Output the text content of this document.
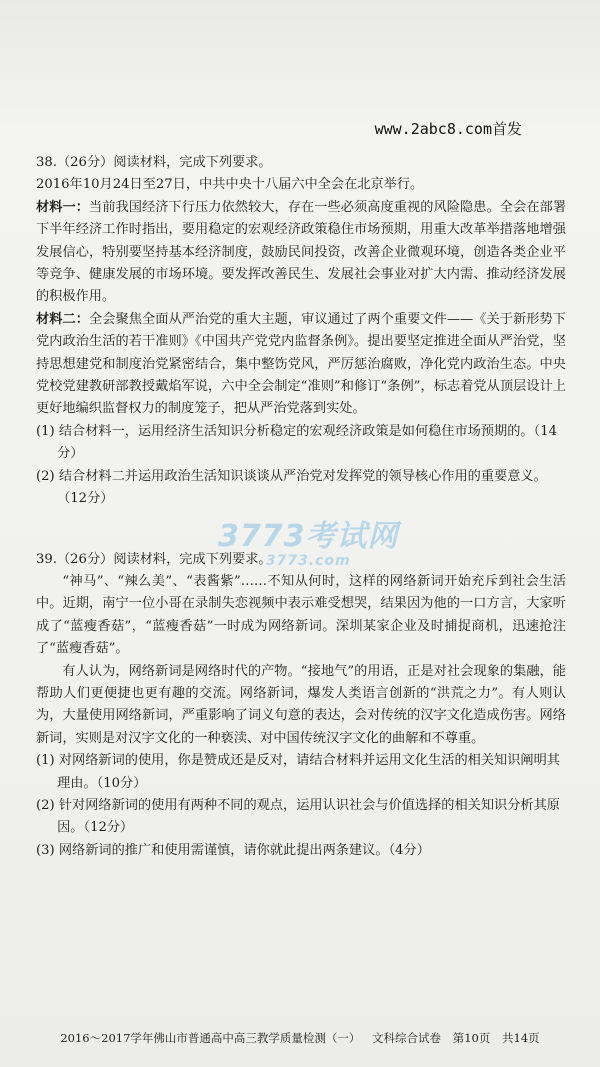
www.2abc8.com首发
3773考试网
3773.com

38.（26分）阅读材料，完成下列要求。

2016年10月24日至27日，中共中央十八届六中全会在北京举行。

材料一：当前我国经济下行压力依然较大，存在一些必须高度重视的风险隐患。全会在部署下半年经济工作时指出，要用稳定的宏观经济政策稳住市场预期，用重大改革举措落地增强发展信心，特别要坚持基本经济制度，鼓励民间投资，改善企业微观环境，创造各类企业平等竞争、健康发展的市场环境。要发挥改善民生、发展社会事业对扩大内需、推动经济发展的积极作用。

材料二：全会聚焦全面从严治党的重大主题，审议通过了两个重要文件——《关于新形势下党内政治生活的若干准则》《中国共产党党内监督条例》。提出要坚定推进全面从严治党，坚持思想建党和制度治党紧密结合，集中整饬党风，严厉惩治腐败，净化党内政治生态。中央党校党建教研部教授戴焰军说，六中全会制定“准则”和修订“条例”，标志着党从顶层设计上更好地编织监督权力的制度笼子，把从严治党落到实处。

(1) 结合材料一，运用经济生活知识分析稳定的宏观经济政策是如何稳住市场预期的。（14分）

(2) 结合材料二并运用政治生活知识谈谈从严治党对发挥党的领导核心作用的重要意义。（12分）

39.（26分）阅读材料，完成下列要求。

“神马”、“辣么美”、“表酱紫”……不知从何时，这样的网络新词开始充斥到社会生活中。近期，南宁一位小哥在录制失恋视频中表示难受想哭，结果因为他的一口方言，大家听成了“蓝瘦香菇”，“蓝瘦香菇”一时成为网络新词。深圳某家企业及时捕捉商机，迅速抢注了“蓝瘦香菇”。

有人认为，网络新词是网络时代的产物。“接地气”的用语，正是对社会现象的集融，能帮助人们更便捷也更有趣的交流。网络新词，爆发人类语言创新的“洪荒之力”。有人则认为，大量使用网络新词，严重影响了词义句意的表达，会对传统的汉字文化造成伤害。网络新词，实则是对汉字文化的一种亵渎、对中国传统汉字文化的曲解和不尊重。

(1) 对网络新词的使用，你是赞成还是反对，请结合材料并运用文化生活的相关知识阐明其理由。（10分）

(2) 针对网络新词的使用有两种不同的观点，运用认识社会与价值选择的相关知识分析其原因。（12分）

(3) 网络新词的推广和使用需谨慎，请你就此提出两条建议。（4分）

2016～2017学年佛山市普通高中高三教学质量检测（一） 文科综合试卷 第10页 共14页
